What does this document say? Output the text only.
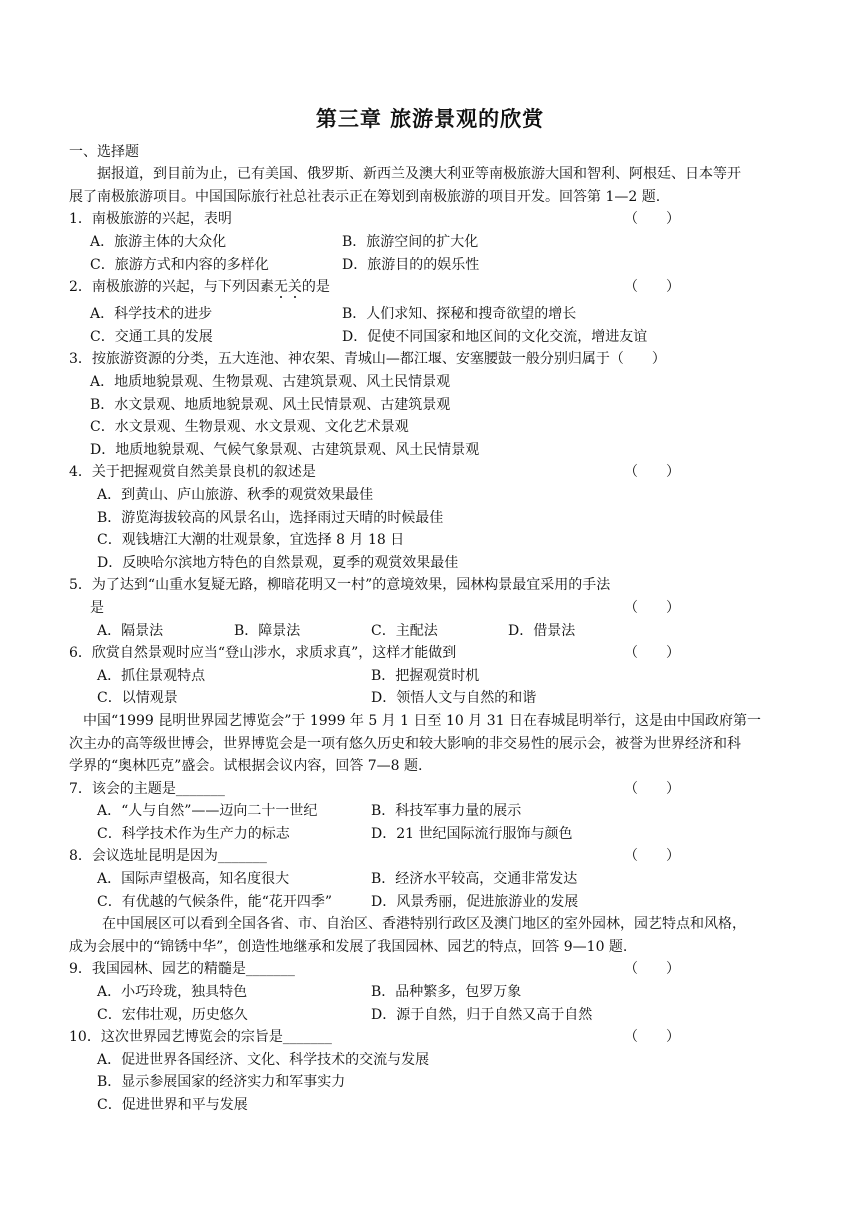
第三章 旅游景观的欣赏
一、选择题
据报道，到目前为止，已有美国、俄罗斯、新西兰及澳大利亚等南极旅游大国和智利、阿根廷、日本等开
展了南极旅游项目。中国国际旅行社总社表示正在筹划到南极旅游的项目开发。回答第 1—2 题.
1．南极旅游的兴起，表明	（　　）
A．旅游主体的大众化	B．旅游空间的扩大化
C．旅游方式和内容的多样化	D．旅游目的的娱乐性
2．南极旅游的兴起，与下列因素无关的是	（　　）
A．科学技术的进步	B．人们求知、探秘和搜奇欲望的增长
C．交通工具的发展	D．促使不同国家和地区间的文化交流，增进友谊
3．按旅游资源的分类，五大连池、神农架、青城山—都江堰、安塞腰鼓一般分别归属于（　　）
A．地质地貌景观、生物景观、古建筑景观、风土民情景观
B．水文景观、地质地貌景观、风土民情景观、古建筑景观
C．水文景观、生物景观、水文景观、文化艺术景观
D．地质地貌景观、气候气象景观、古建筑景观、风土民情景观
4．关于把握观赏自然美景良机的叙述是	（　　）
A．到黄山、庐山旅游、秋季的观赏效果最佳
B．游览海拔较高的风景名山，选择雨过天晴的时候最佳
C．观钱塘江大潮的壮观景象，宜选择 8 月 18 日
D．反映哈尔滨地方特色的自然景观，夏季的观赏效果最佳
5．为了达到“山重水复疑无路，柳暗花明又一村”的意境效果，园林构景最宜采用的手法
是	（　　）
A．隔景法	B．障景法	C．主配法	D．借景法
6．欣赏自然景观时应当“登山涉水，求质求真”，这样才能做到	（　　）
A．抓住景观特点	B．把握观赏时机
C．以情观景	D．领悟人文与自然的和谐
中国“1999 昆明世界园艺博览会”于 1999 年 5 月 1 日至 10 月 31 日在春城昆明举行，这是由中国政府第一
次主办的高等级世博会，世界博览会是一项有悠久历史和较大影响的非交易性的展示会，被誉为世界经济和科
学界的“奥林匹克”盛会。试根据会议内容，回答 7—8 题.
7．该会的主题是_______	（　　）
A．“人与自然”——迈向二十一世纪	B．科技军事力量的展示
C．科学技术作为生产力的标志	D．21 世纪国际流行服饰与颜色
8．会议选址昆明是因为_______	（　　）
A．国际声望极高，知名度很大	B．经济水平较高，交通非常发达
C．有优越的气候条件，能“花开四季”	D．风景秀丽，促进旅游业的发展
在中国展区可以看到全国各省、市、自治区、香港特别行政区及澳门地区的室外园林，园艺特点和风格，
成为会展中的“锦锈中华”，创造性地继承和发展了我国园林、园艺的特点，回答 9—10 题.
9．我国园林、园艺的精髓是_______	（　　）
A．小巧玲珑，独具特色	B．品种繁多，包罗万象
C．宏伟壮观，历史悠久	D．源于自然，归于自然又高于自然
10．这次世界园艺博览会的宗旨是_______	（　　）
A．促进世界各国经济、文化、科学技术的交流与发展
B．显示参展国家的经济实力和军事实力
C．促进世界和平与发展
